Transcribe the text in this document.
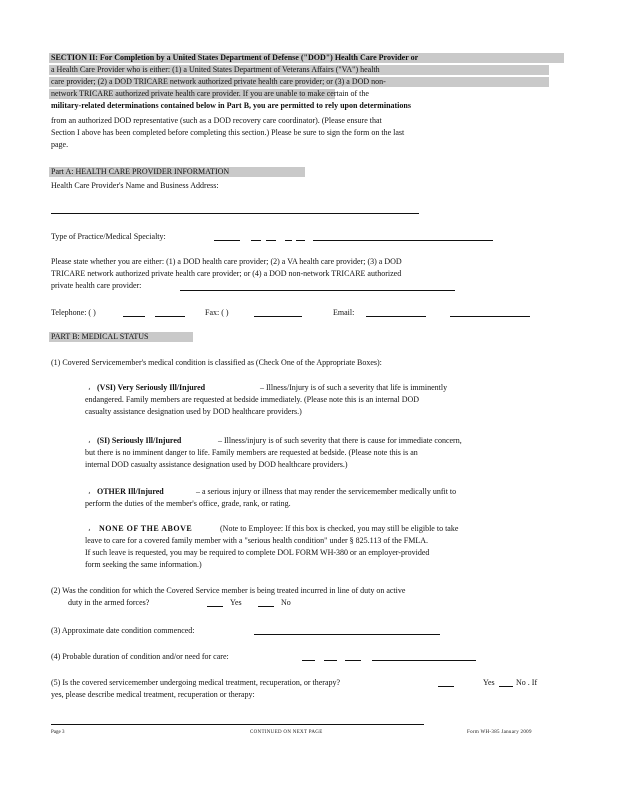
SECTION II: For Completion by a United States Department of Defense ("DOD") Health Care Provider or
a Health Care Provider who is either: (1) a United States Department of Veterans Affairs ("VA") health
care provider; (2) a DOD TRICARE network authorized private health care provider; or (3) a DOD non-
network TRICARE authorized private health care provider. If you are unable to make certain of the
military-related determinations contained below in Part B, you are permitted to rely upon determinations
from an authorized DOD representative (such as a DOD recovery care coordinator). (Please ensure that
Section I above has been completed before completing this section.) Please be sure to sign the form on the last
page.
Part A: HEALTH CARE PROVIDER INFORMATION
Health Care Provider's Name and Business Address:
Type of Practice/Medical Specialty:
Please state whether you are either: (1) a DOD health care provider; (2) a VA health care provider; (3) a DOD
TRICARE network authorized private health care provider; or (4) a DOD non-network TRICARE authorized
private health care provider:
Telephone: ( )	Fax: ( )	Email:
PART B: MEDICAL STATUS
(1) Covered Servicemember's medical condition is classified as (Check One of the Appropriate Boxes):
¸ (VSI) Very Seriously Ill/Injured	– Illness/Injury is of such a severity that life is imminently
endangered. Family members are requested at bedside immediately. (Please note this is an internal DOD
casualty assistance designation used by DOD healthcare providers.)
¸ (SI) Seriously Ill/Injured	– Illness/injury is of such severity that there is cause for immediate concern,
but there is no imminent danger to life. Family members are requested at bedside. (Please note this is an
internal DOD casualty assistance designation used by DOD healthcare providers.)
¸ OTHER Ill/Injured	– a serious injury or illness that may render the servicemember medically unfit to
perform the duties of the member's office, grade, rank, or rating.
¸ NONE OF THE ABOVE	(Note to Employee: If this box is checked, you may still be eligible to take
leave to care for a covered family member with a "serious health condition" under § 825.113 of the FMLA.
If such leave is requested, you may be required to complete DOL FORM WH-380 or an employer-provided
form seeking the same information.)
(2) Was the condition for which the Covered Service member is being treated incurred in line of duty on active
duty in the armed forces?	Yes	No
(3) Approximate date condition commenced:
(4) Probable duration of condition and/or need for care:
(5) Is the covered servicemember undergoing medical treatment, recuperation, or therapy?	Yes	No . If
yes, please describe medical treatment, recuperation or therapy:
Page 3	CONTINUED ON NEXT PAGE	Form WH-385 January 2009
